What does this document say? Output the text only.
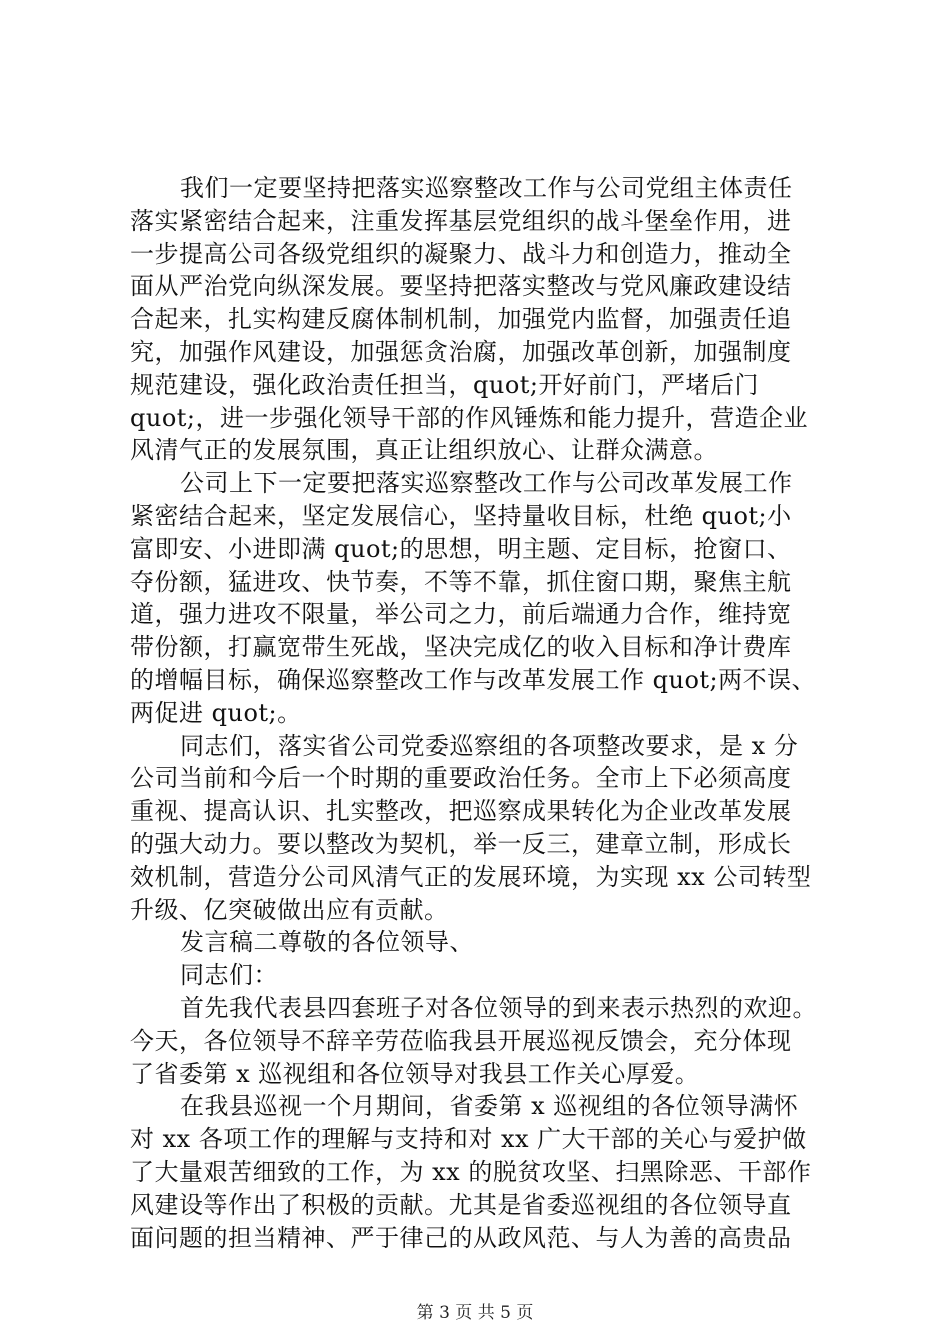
我们一定要坚持把落实巡察整改工作与公司党组主体责任
落实紧密结合起来，注重发挥基层党组织的战斗堡垒作用，进
一步提高公司各级党组织的凝聚力、战斗力和创造力，推动全
面从严治党向纵深发展。要坚持把落实整改与党风廉政建设结
合起来，扎实构建反腐体制机制，加强党内监督，加强责任追
究，加强作风建设，加强惩贪治腐，加强改革创新，加强制度
规范建设，强化政治责任担当，quot;开好前门，严堵后门
quot;，进一步强化领导干部的作风锤炼和能力提升，营造企业
风清气正的发展氛围，真正让组织放心、让群众满意。
公司上下一定要把落实巡察整改工作与公司改革发展工作
紧密结合起来，坚定发展信心，坚持量收目标，杜绝 quot;小
富即安、小进即满 quot;的思想，明主题、定目标，抢窗口、
夺份额，猛进攻、快节奏，不等不靠，抓住窗口期，聚焦主航
道，强力进攻不限量，举公司之力，前后端通力合作，维持宽
带份额，打赢宽带生死战，坚决完成亿的收入目标和净计费库
的增幅目标，确保巡察整改工作与改革发展工作 quot;两不误、
两促进 quot;。
同志们，落实省公司党委巡察组的各项整改要求，是 x 分
公司当前和今后一个时期的重要政治任务。全市上下必须高度
重视、提高认识、扎实整改，把巡察成果转化为企业改革发展
的强大动力。要以整改为契机，举一反三，建章立制，形成长
效机制，营造分公司风清气正的发展环境，为实现 xx 公司转型
升级、亿突破做出应有贡献。
发言稿二尊敬的各位领导、
同志们：
首先我代表县四套班子对各位领导的到来表示热烈的欢迎。
今天，各位领导不辞辛劳莅临我县开展巡视反馈会，充分体现
了省委第 x 巡视组和各位领导对我县工作关心厚爱。
在我县巡视一个月期间，省委第 x 巡视组的各位领导满怀
对 xx 各项工作的理解与支持和对 xx 广大干部的关心与爱护做
了大量艰苦细致的工作，为 xx 的脱贫攻坚、扫黑除恶、干部作
风建设等作出了积极的贡献。尤其是省委巡视组的各位领导直
面问题的担当精神、严于律己的从政风范、与人为善的高贵品
第 3 页 共 5 页
